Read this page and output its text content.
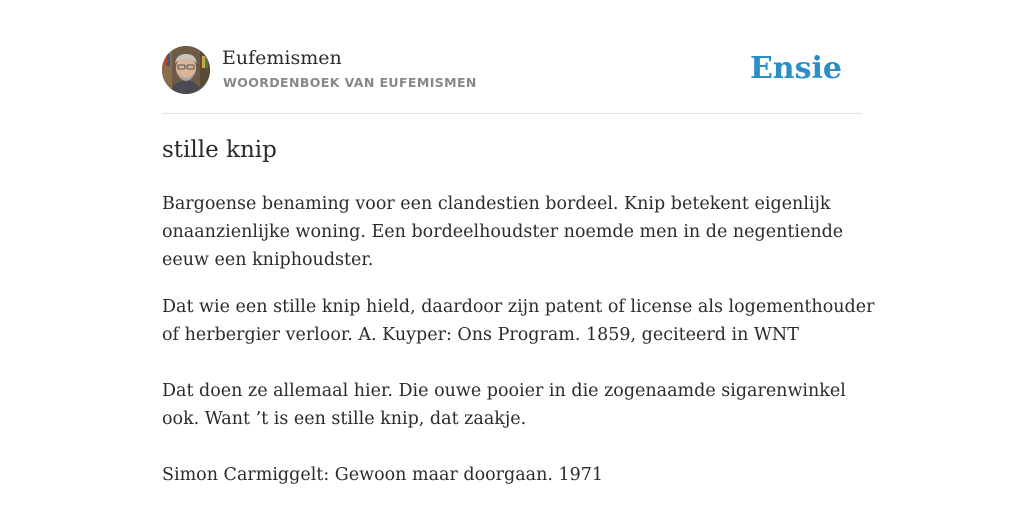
Eufemismen
WOORDENBOEK VAN EUFEMISMEN	Ensie
stille knip

Bargoense benaming voor een clandestien bordeel. Knip betekent eigenlijk

onaanzienlijke woning. Een bordeelhoudster noemde men in de negentiende

eeuw een kniphoudster.

Dat wie een stille knip hield, daardoor zijn patent of license als logementhouder

of herbergier verloor. A. Kuyper: Ons Program. 1859, geciteerd in WNT

Dat doen ze allemaal hier. Die ouwe pooier in die zogenaamde sigarenwinkel

ook. Want ’t is een stille knip, dat zaakje.

Simon Carmiggelt: Gewoon maar doorgaan. 1971
